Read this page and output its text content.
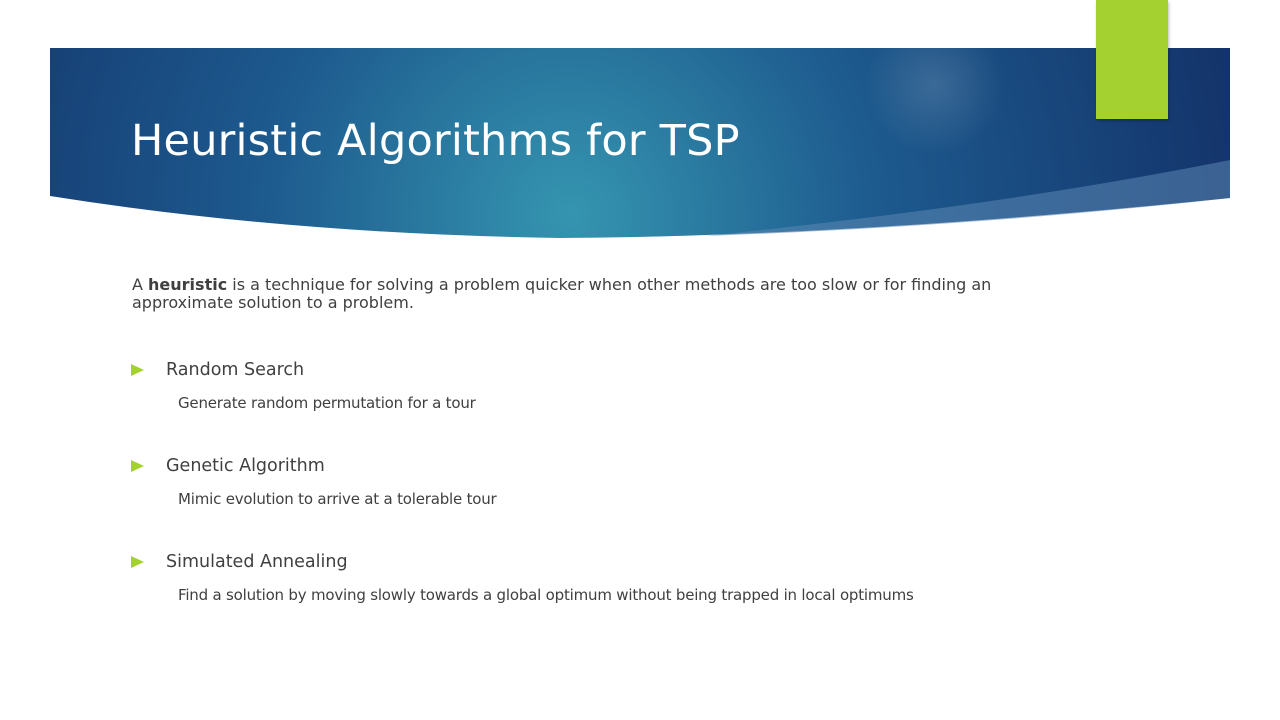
Heuristic Algorithms for TSP

A heuristic is a technique for solving a problem quicker when other methods are too slow or for finding an approximate solution to a problem.

Random Search

Generate random permutation for a tour

Genetic Algorithm

Mimic evolution to arrive at a tolerable tour

Simulated Annealing

Find a solution by moving slowly towards a global optimum without being trapped in local optimums
